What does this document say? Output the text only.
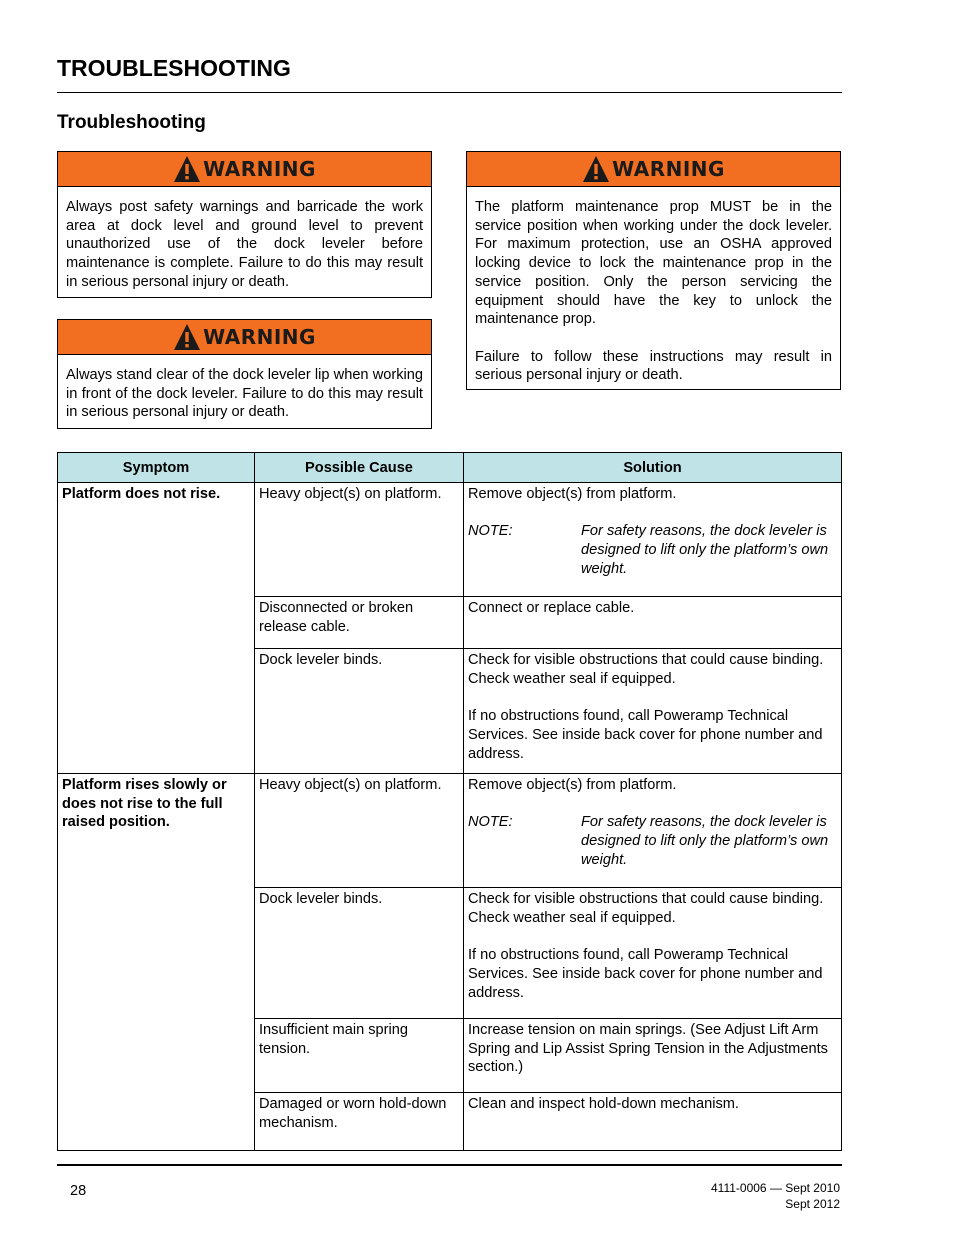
TROUBLESHOOTING
Troubleshooting
WARNING

Always post safety warnings and barricade the work area at dock level and ground level to prevent unauthorized use of the dock leveler before maintenance is complete. Failure to do this may result in serious personal injury or death.

WARNING

Always stand clear of the dock leveler lip when working in front of the dock leveler. Failure to do this may result in serious personal injury or death.

WARNING

The platform maintenance prop MUST be in the service position when working under the dock leveler. For maximum protection, use an OSHA approved locking device to lock the maintenance prop in the service position. Only the person servicing the equipment should have the key to unlock the maintenance prop.

Failure to follow these instructions may result in serious personal injury or death.

Symptom	Possible Cause	Solution
Platform does not rise.	Heavy object(s) on platform.	Remove object(s) from platform.
NOTE: For safety reasons, the dock leveler is designed to lift only the platform’s own weight.

	Disconnected or broken release cable.	Connect or replace cable.
	Dock leveler binds.	Check for visible obstructions that could cause binding. Check weather seal if equipped.
If no obstructions found, call Poweramp Technical Services. See inside back cover for phone number and address.

Platform rises slowly or does not rise to the full raised position.	Heavy object(s) on platform.	Remove object(s) from platform.
NOTE: For safety reasons, the dock leveler is designed to lift only the platform’s own weight.

	Dock leveler binds.	Check for visible obstructions that could cause binding. Check weather seal if equipped.
If no obstructions found, call Poweramp Technical Services. See inside back cover for phone number and address.

	Insufficient main spring tension.	Increase tension on main springs. (See Adjust Lift Arm Spring and Lip Assist Spring Tension in the Adjustments section.)
	Damaged or worn hold-down mechanism.	Clean and inspect hold-down mechanism.
28	4111-0006 — Sept 2010
Sept 2012
